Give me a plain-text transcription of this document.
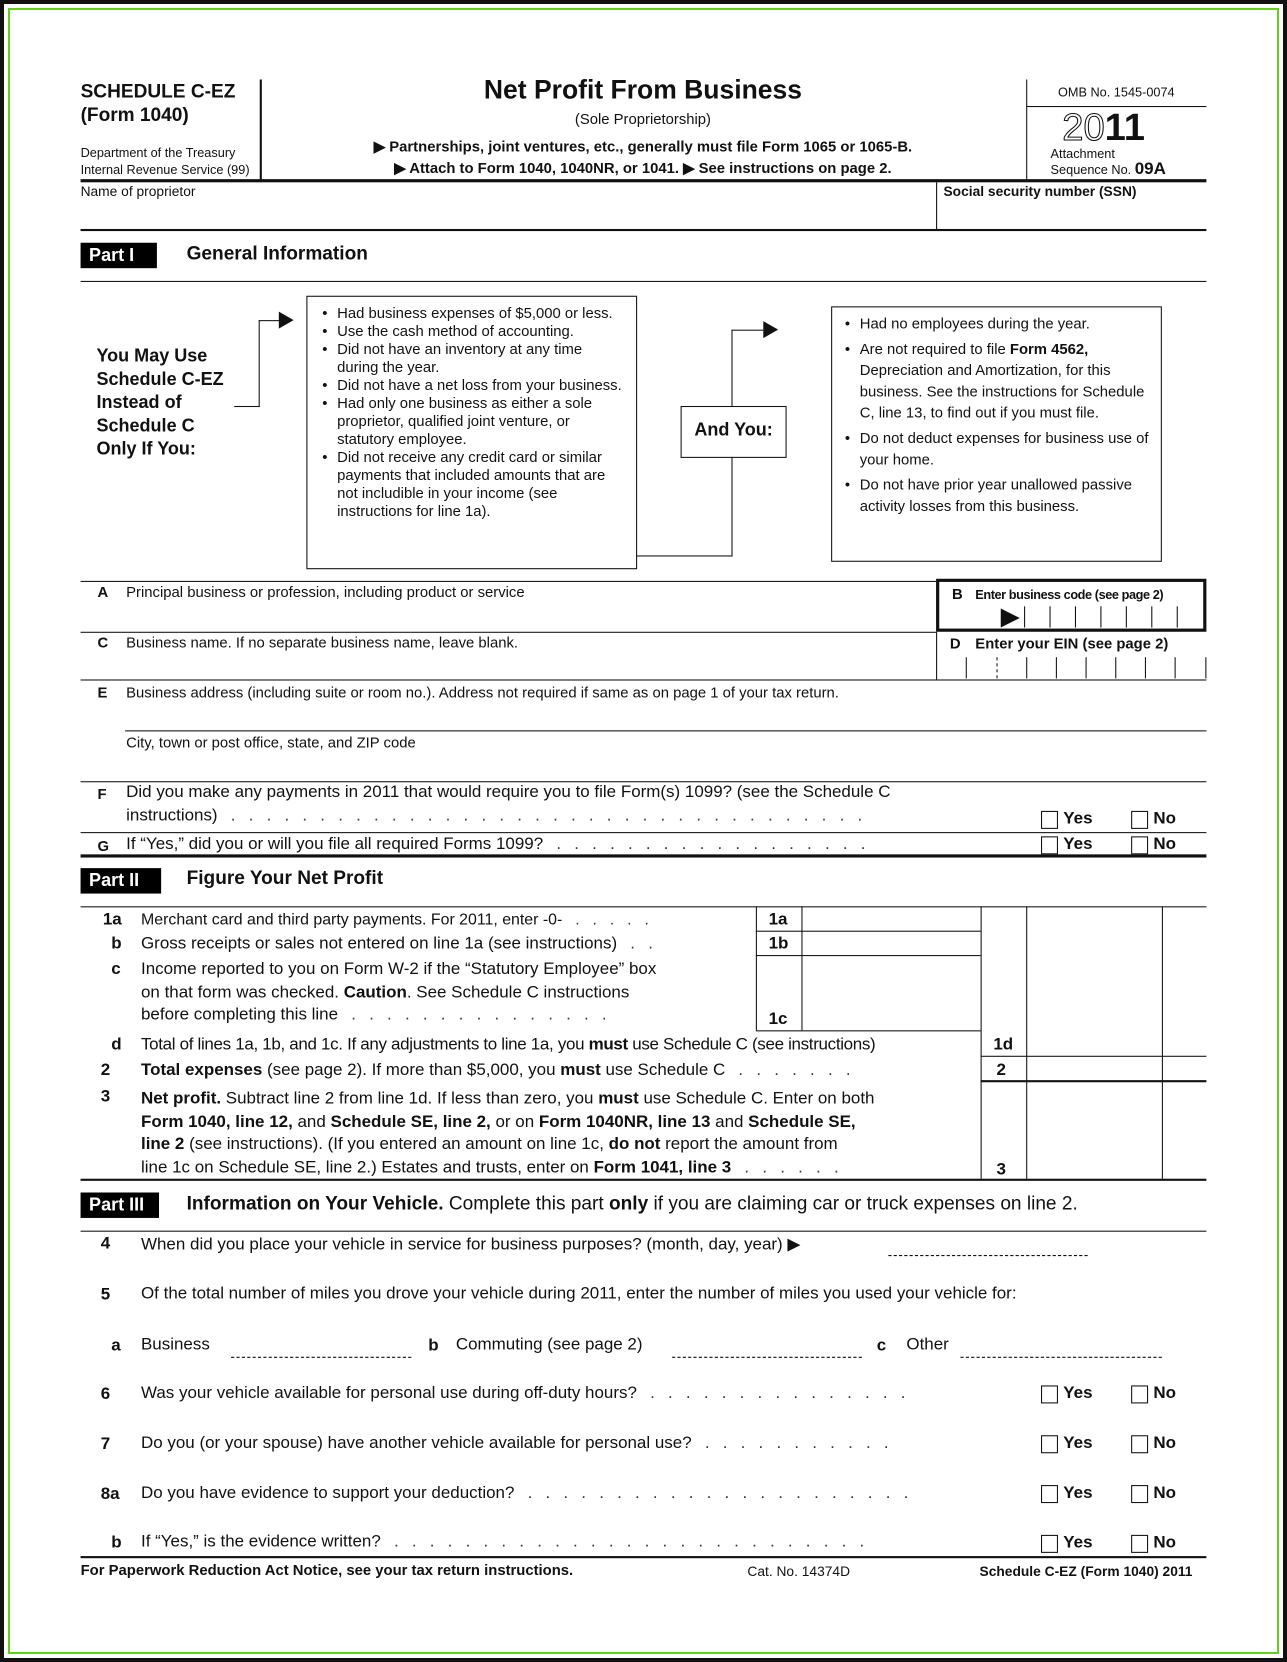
SCHEDULE C-EZ
(Form 1040)
Department of the Treasury
Internal Revenue Service (99)
Net Profit From Business
(Sole Proprietorship)
▶ Partnerships, joint ventures, etc., generally must file Form 1065 or 1065-B.
▶ Attach to Form 1040, 1040NR, or 1041. ▶ See instructions on page 2.
OMB No. 1545-0074
2011
Attachment
Sequence No. 09A
Name of proprietor	Social security number (SSN)
Part I	General Information
You May Use
Schedule C-EZ
Instead of
Schedule C
Only If You:
• Had business expenses of $5,000 or less.
• Use the cash method of accounting.
• Did not have an inventory at any time during the year.
• Did not have a net loss from your business.
• Had only one business as either a sole proprietor, qualified joint venture, or statutory employee.
• Did not receive any credit card or similar payments that included amounts that are not includible in your income (see instructions for line 1a).
And You:
• Had no employees during the year.
• Are not required to file Form 4562, Depreciation and Amortization, for this business. See the instructions for Schedule C, line 13, to find out if you must file.
• Do not deduct expenses for business use of your home.
• Do not have prior year unallowed passive activity losses from this business.
A Principal business or profession, including product or service	B Enter business code (see page 2)
C Business name. If no separate business name, leave blank.	D Enter your EIN (see page 2)
E Business address (including suite or room no.). Address not required if same as on page 1 of your tax return.
City, town or post office, state, and ZIP code
F Did you make any payments in 2011 that would require you to file Form(s) 1099? (see the Schedule C
instructions) . . . . . . . . . . . . . . . . . . . . . . . . . . . . . . . . . . . .	Yes	No
G If “Yes,” did you or will you file all required Forms 1099? . . . . . . . . . . . . . . . . . .	Yes	No
Part II	Figure Your Net Profit
1a Merchant card and third party payments. For 2011, enter -0- . . . . .	1a
b Gross receipts or sales not entered on line 1a (see instructions) . .	1b
c Income reported to you on Form W-2 if the “Statutory Employee” box
on that form was checked. Caution. See Schedule C instructions
before completing this line . . . . . . . . . . . . . . .	1c
d Total of lines 1a, 1b, and 1c. If any adjustments to line 1a, you must use Schedule C (see instructions)	1d
2 Total expenses (see page 2). If more than $5,000, you must use Schedule C . . . . . . .	2
3 Net profit. Subtract line 2 from line 1d. If less than zero, you must use Schedule C. Enter on both
Form 1040, line 12, and Schedule SE, line 2, or on Form 1040NR, line 13 and Schedule SE,
line 2 (see instructions). (If you entered an amount on line 1c, do not report the amount from
line 1c on Schedule SE, line 2.) Estates and trusts, enter on Form 1041, line 3 . . . . . .	3
Part III	Information on Your Vehicle. Complete this part only if you are claiming car or truck expenses on line 2.
4 When did you place your vehicle in service for business purposes? (month, day, year) ▶
5 Of the total number of miles you drove your vehicle during 2011, enter the number of miles you used your vehicle for:
a Business	b Commuting (see page 2)	c Other
6 Was your vehicle available for personal use during off-duty hours? . . . . . . . . . . . . . . .	Yes	No
7 Do you (or your spouse) have another vehicle available for personal use? . . . . . . . . . . .	Yes	No
8a Do you have evidence to support your deduction? . . . . . . . . . . . . . . . . . . . . . .	Yes	No
b If “Yes,” is the evidence written? . . . . . . . . . . . . . . . . . . . . . . . . . . .	Yes	No
For Paperwork Reduction Act Notice, see your tax return instructions.	Cat. No. 14374D	Schedule C-EZ (Form 1040) 2011
